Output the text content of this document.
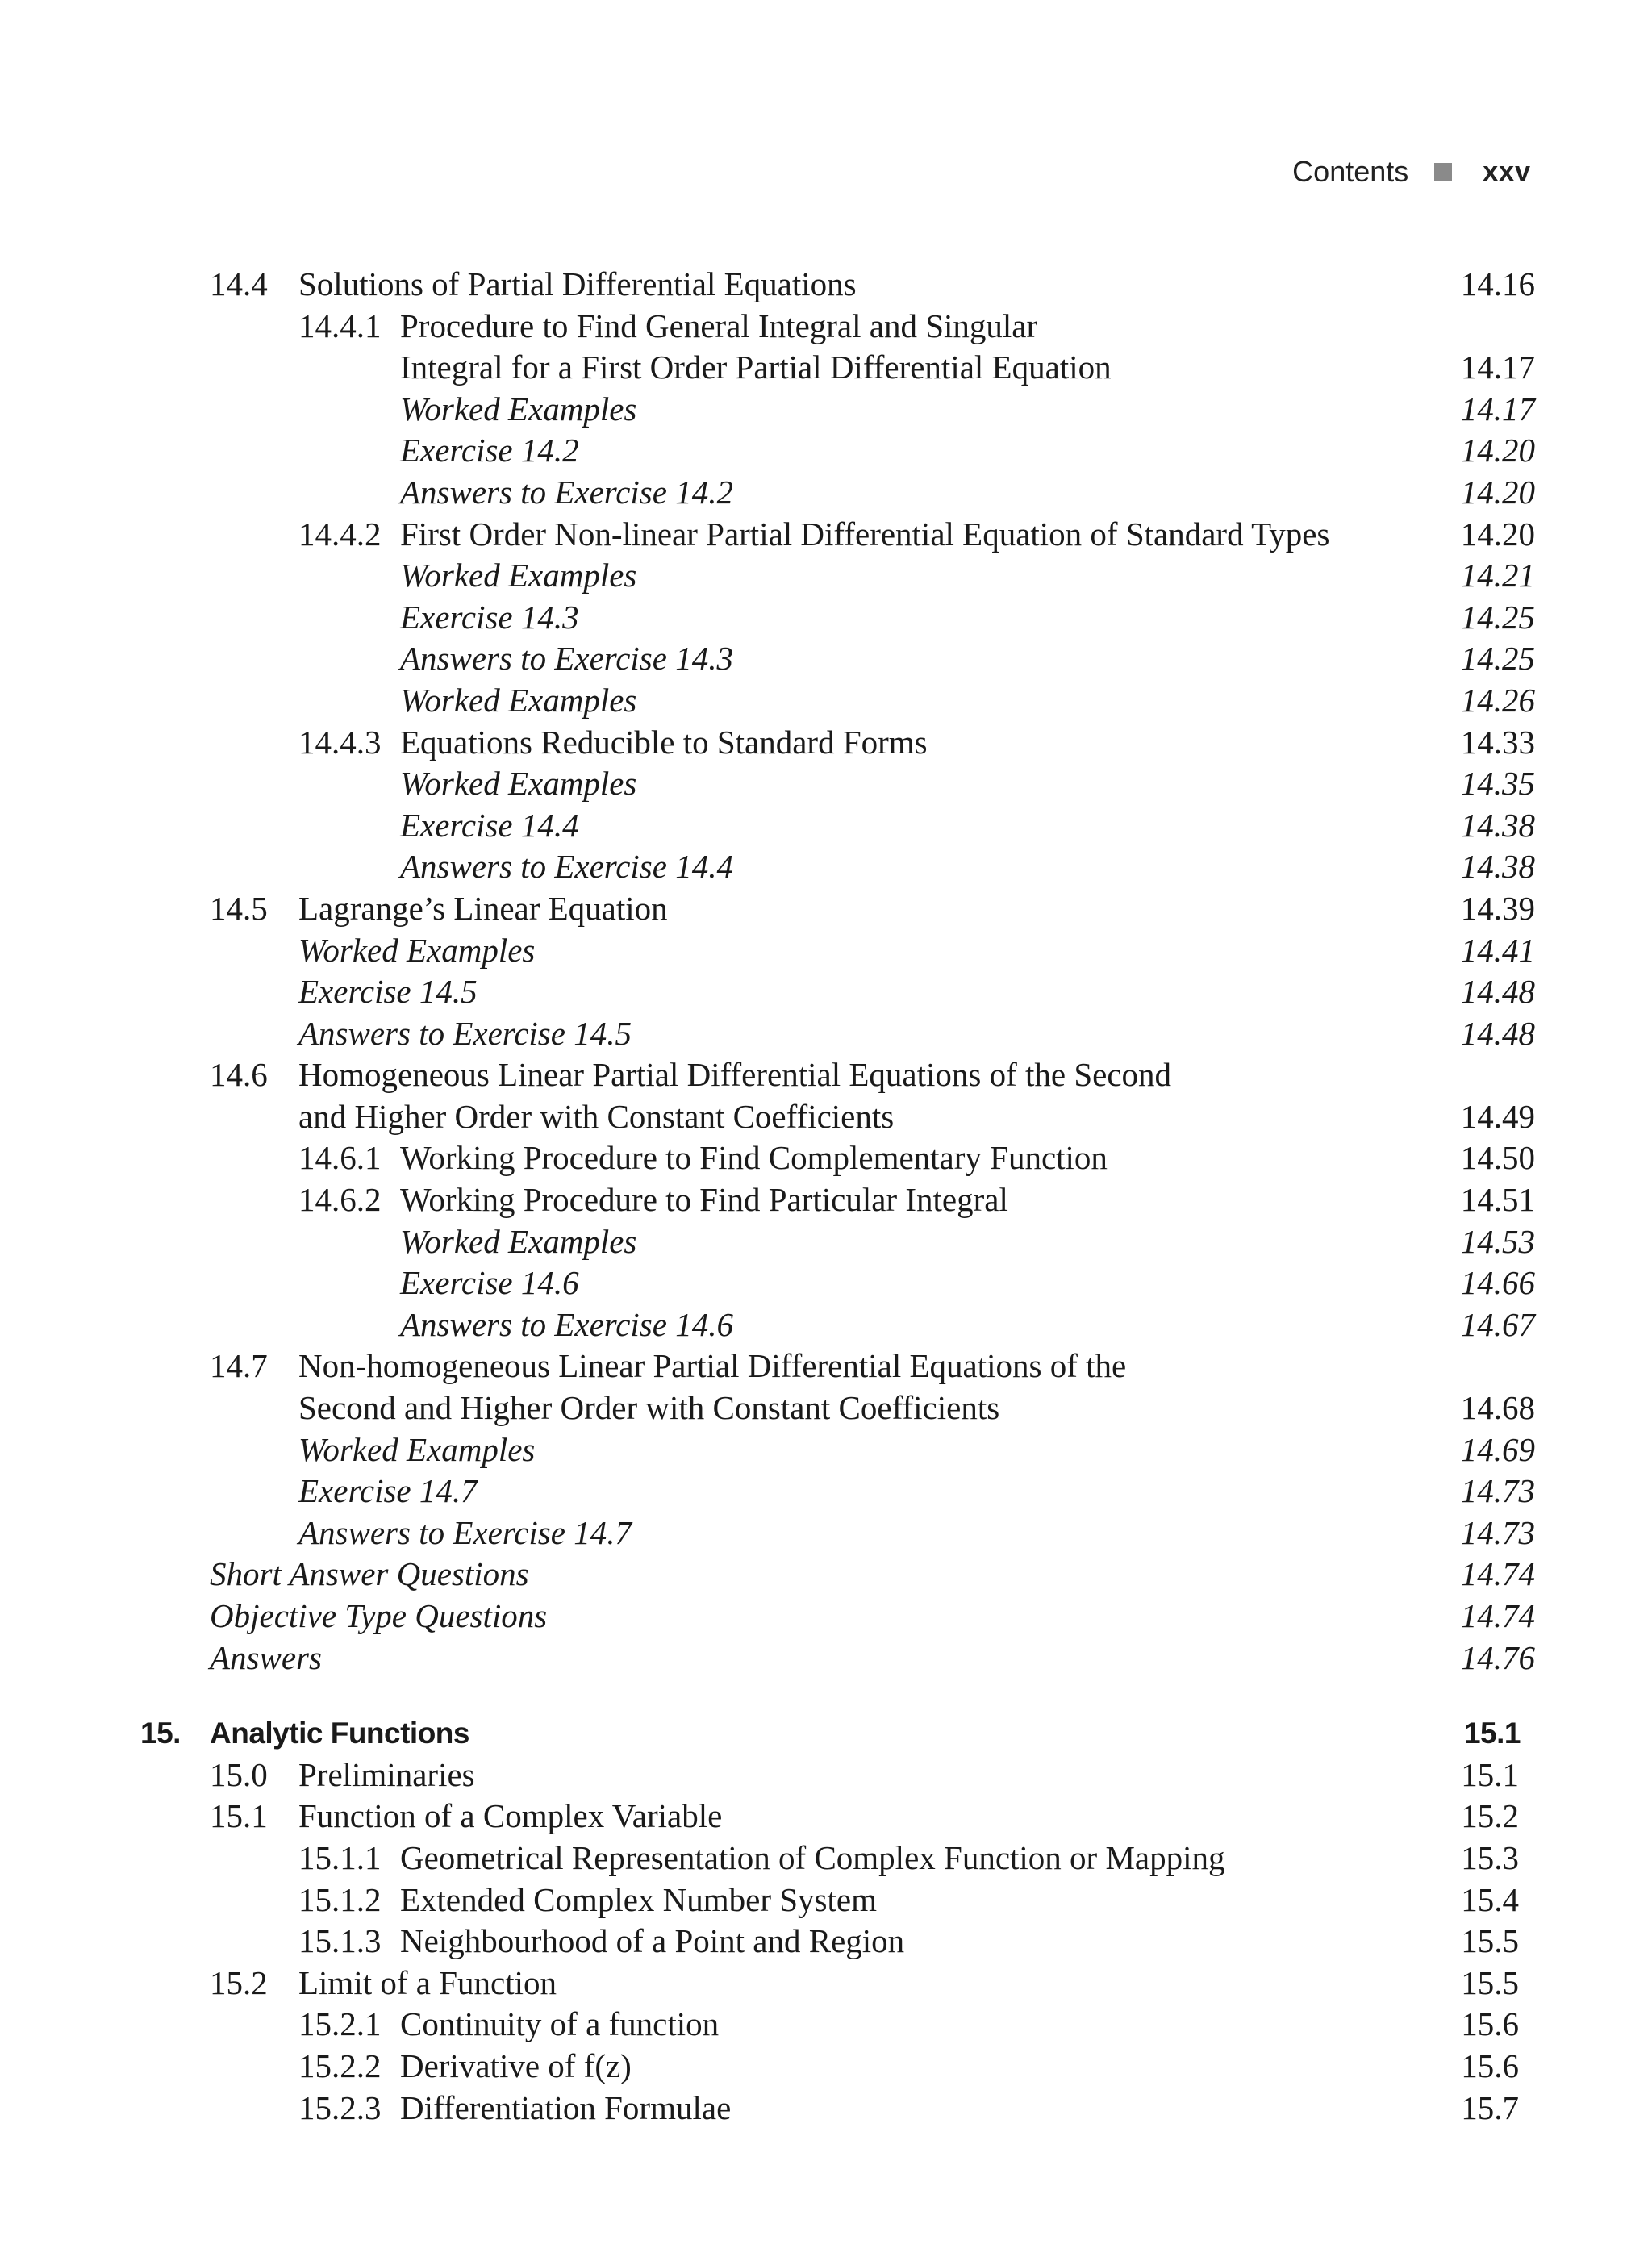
Contents	xxv
14.4 Solutions of Partial Differential Equations	14.16
14.4.1 Procedure to Find General Integral and Singular
Integral for a First Order Partial Differential Equation	14.17
Worked Examples	14.17
Exercise 14.2	14.20
Answers to Exercise 14.2	14.20
14.4.2 First Order Non-linear Partial Differential Equation of Standard Types	14.20
Worked Examples	14.21
Exercise 14.3	14.25
Answers to Exercise 14.3	14.25
Worked Examples	14.26
14.4.3 Equations Reducible to Standard Forms	14.33
Worked Examples	14.35
Exercise 14.4	14.38
Answers to Exercise 14.4	14.38
14.5 Lagrange’s Linear Equation	14.39
Worked Examples	14.41
Exercise 14.5	14.48
Answers to Exercise 14.5	14.48
14.6 Homogeneous Linear Partial Differential Equations of the Second
and Higher Order with Constant Coefficients	14.49
14.6.1 Working Procedure to Find Complementary Function	14.50
14.6.2 Working Procedure to Find Particular Integral	14.51
Worked Examples	14.53
Exercise 14.6	14.66
Answers to Exercise 14.6	14.67
14.7 Non-homogeneous Linear Partial Differential Equations of the
Second and Higher Order with Constant Coefficients	14.68
Worked Examples	14.69
Exercise 14.7	14.73
Answers to Exercise 14.7	14.73
Short Answer Questions	14.74
Objective Type Questions	14.74
Answers	14.76
15. Analytic Functions	15.1
15.0 Preliminaries	15.1
15.1 Function of a Complex Variable	15.2
15.1.1 Geometrical Representation of Complex Function or Mapping	15.3
15.1.2 Extended Complex Number System	15.4
15.1.3 Neighbourhood of a Point and Region	15.5
15.2 Limit of a Function	15.5
15.2.1 Continuity of a function	15.6
15.2.2 Derivative of f(z)	15.6
15.2.3 Differentiation Formulae	15.7
